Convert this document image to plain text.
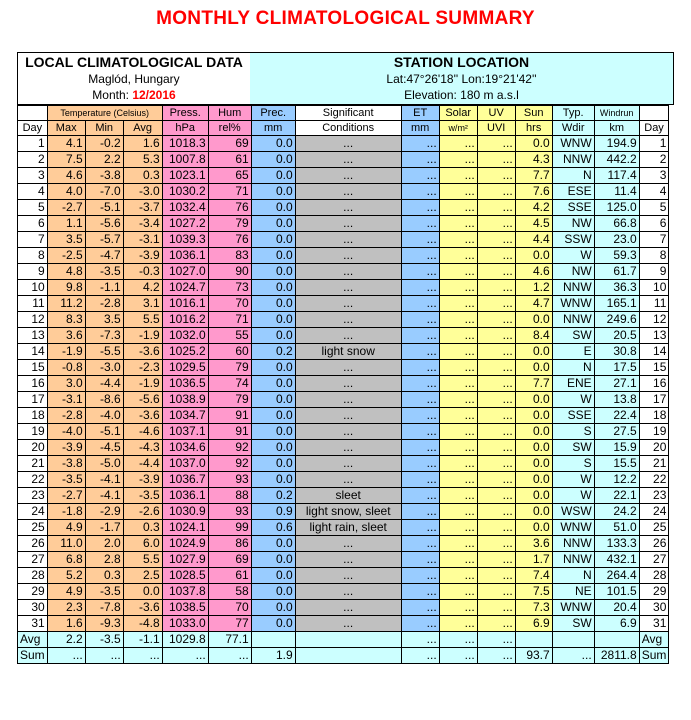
MONTHLY CLIMATOLOGICAL SUMMARY
LOCAL CLIMATOLOGICAL DATA
Maglód, Hungary
Month: 12/2016
STATION LOCATION
Lat:47°26'18'' Lon:19°21'42''
Elevation: 180 m a.s.l
	Temperature (Celsius)			Press.	Hum	Prec.	Significant	ET	Solar	UV	Sun	Typ.	Windrun	
Day	Max	Min	Avg	hPa	rel%	mm	Conditions	mm	w/m²	UVI	hrs	Wdir	km	Day
1	4.1	-0.2	1.6	1018.3	69	0.0	...	...	...	...	0.0	WNW	194.9	1
2	7.5	2.2	5.3	1007.8	61	0.0	...	...	...	...	4.3	NNW	442.2	2
3	4.6	-3.8	0.3	1023.1	65	0.0	...	...	...	...	7.7	N	117.4	3
4	4.0	-7.0	-3.0	1030.2	71	0.0	...	...	...	...	7.6	ESE	11.4	4
5	-2.7	-5.1	-3.7	1032.4	76	0.0	...	...	...	...	4.2	SSE	125.0	5
6	1.1	-5.6	-3.4	1027.2	79	0.0	...	...	...	...	4.5	NW	66.8	6
7	3.5	-5.7	-3.1	1039.3	76	0.0	...	...	...	...	4.4	SSW	23.0	7
8	-2.5	-4.7	-3.9	1036.1	83	0.0	...	...	...	...	0.0	W	59.3	8
9	4.8	-3.5	-0.3	1027.0	90	0.0	...	...	...	...	4.6	NW	61.7	9
10	9.8	-1.1	4.2	1024.7	73	0.0	...	...	...	...	1.2	NNW	36.3	10
11	11.2	-2.8	3.1	1016.1	70	0.0	...	...	...	...	4.7	WNW	165.1	11
12	8.3	3.5	5.5	1016.2	71	0.0	...	...	...	...	0.0	NNW	249.6	12
13	3.6	-7.3	-1.9	1032.0	55	0.0	...	...	...	...	8.4	SW	20.5	13
14	-1.9	-5.5	-3.6	1025.2	60	0.2	light snow	...	...	...	0.0	E	30.8	14
15	-0.8	-3.0	-2.3	1029.5	79	0.0	...	...	...	...	0.0	N	17.5	15
16	3.0	-4.4	-1.9	1036.5	74	0.0	...	...	...	...	7.7	ENE	27.1	16
17	-3.1	-8.6	-5.6	1038.9	79	0.0	...	...	...	...	0.0	W	13.8	17
18	-2.8	-4.0	-3.6	1034.7	91	0.0	...	...	...	...	0.0	SSE	22.4	18
19	-4.0	-5.1	-4.6	1037.1	91	0.0	...	...	...	...	0.0	S	27.5	19
20	-3.9	-4.5	-4.3	1034.6	92	0.0	...	...	...	...	0.0	SW	15.9	20
21	-3.8	-5.0	-4.4	1037.0	92	0.0	...	...	...	...	0.0	S	15.5	21
22	-3.5	-4.1	-3.9	1036.7	93	0.0	...	...	...	...	0.0	W	12.2	22
23	-2.7	-4.1	-3.5	1036.1	88	0.2	sleet	...	...	...	0.0	W	22.1	23
24	-1.8	-2.9	-2.6	1030.9	93	0.9	light snow, sleet	...	...	...	0.0	WSW	24.2	24
25	4.9	-1.7	0.3	1024.1	99	0.6	light rain, sleet	...	...	...	0.0	WNW	51.0	25
26	11.0	2.0	6.0	1024.9	86	0.0	...	...	...	...	3.6	NNW	133.3	26
27	6.8	2.8	5.5	1027.9	69	0.0	...	...	...	...	1.7	NNW	432.1	27
28	5.2	0.3	2.5	1028.5	61	0.0	...	...	...	...	7.4	N	264.4	28
29	4.9	-3.5	0.0	1037.8	58	0.0	...	...	...	...	7.5	NE	101.5	29
30	2.3	-7.8	-3.6	1038.5	70	0.0	...	...	...	...	7.3	WNW	20.4	30
31	1.6	-9.3	-4.8	1033.0	77	0.0	...	...	...	...	6.9	SW	6.9	31
Avg	2.2	-3.5	-1.1	1029.8	77.1			...	...	...				Avg
Sum	...	...	...	...	...	1.9		...	...	...	93.7	...	2811.8	Sum
